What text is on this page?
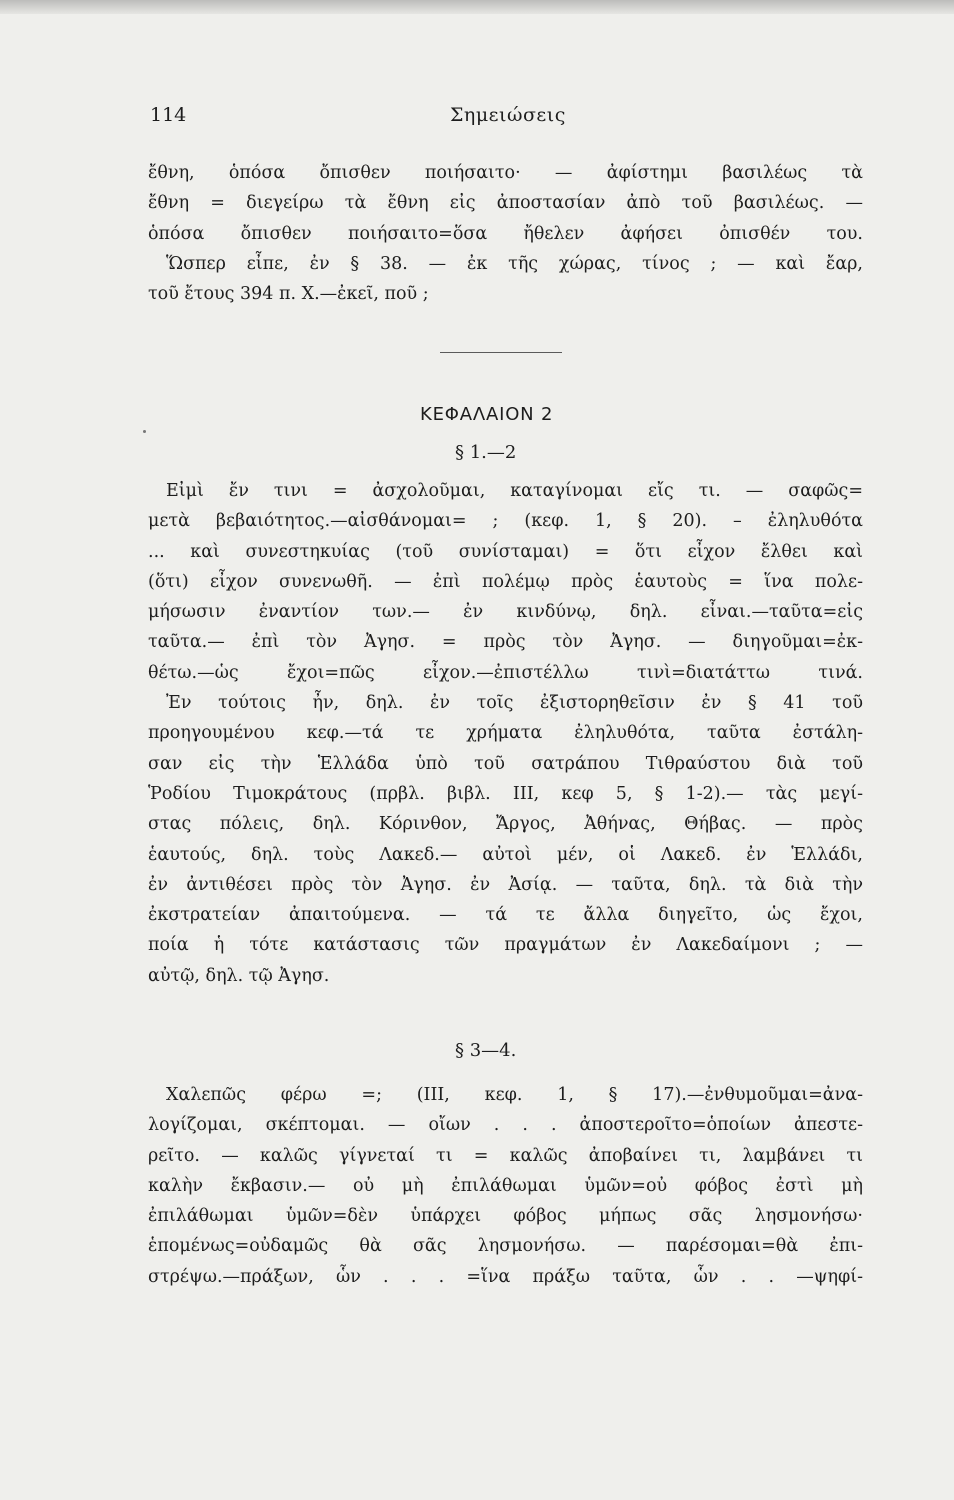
114	Σημειώσεις
ἔθνη, ὁπόσα ὄπισθεν ποιήσαιτο· — ἀφίστημι βασιλέως τὰ
ἔθνη = διεγείρω τὰ ἔθνη εἰς ἀποστασίαν ἀπὸ τοῦ βασιλέως. —
ὁπόσα ὄπισθεν ποιήσαιτο=ὅσα ἤθελεν ἀφήσει ὀπισθέν του.
Ὥσπερ εἶπε, ἐν § 38. — ἐκ τῆς χώρας, τίνος ; — καὶ ἔαρ,
τοῦ ἔτους 394 π. Χ.—ἐκεῖ, ποῦ ;
ΚΕΦΑΛΑΙΟΝ 2
§ 1.—2
Εἰμὶ ἔν τινι = ἀσχολοῦμαι, καταγίνομαι εἴς τι. — σαφῶς=
μετὰ βεβαιότητος.—αἰσθάνομαι= ; (κεφ. 1, § 20). – ἐληλυθότα
... καὶ συνεστηκυίας (τοῦ συνίσταμαι) = ὅτι εἶχον ἔλθει καὶ
(ὅτι) εἶχον συνενωθῆ. — ἐπὶ πολέμῳ πρὸς ἑαυτοὺς = ἵνα πολε-
μήσωσιν ἐναντίον των.— ἐν κινδύνῳ, δηλ. εἶναι.—ταῦτα=εἰς
ταῦτα.— ἐπὶ τὸν Ἀγησ. = πρὸς τὸν Ἀγησ. — διηγοῦμαι=ἐκ-
θέτω.—ὡς ἔχοι=πῶς εἶχον.—ἐπιστέλλω τινὶ=διατάττω τινά.
Ἐν τούτοις ἦν, δηλ. ἐν τοῖς ἐξιστορηθεῖσιν ἐν § 41 τοῦ
προηγουμένου κεφ.—τά τε χρήματα ἐληλυθότα, ταῦτα ἐστάλη-
σαν εἰς τὴν Ἑλλάδα ὑπὸ τοῦ σατράπου Τιθραύστου διὰ τοῦ
Ῥοδίου Τιμοκράτους (πρβλ. βιβλ. III, κεφ 5, § 1-2).— τὰς μεγί-
στας πόλεις, δηλ. Κόρινθον, Ἄργος, Ἀθήνας, Θήβας. — πρὸς
ἑαυτούς, δηλ. τοὺς Λακεδ.— αὐτοὶ μέν, οἱ Λακεδ. ἐν Ἑλλάδι,
ἐν ἀντιθέσει πρὸς τὸν Ἀγησ. ἐν Ἀσίᾳ. — ταῦτα, δηλ. τὰ διὰ τὴν
ἐκστρατείαν ἀπαιτούμενα. — τά τε ἄλλα διηγεῖτο, ὡς ἔχοι,
ποία ἡ τότε κατάστασις τῶν πραγμάτων ἐν Λακεδαίμονι ; —
αὐτῷ, δηλ. τῷ Ἀγησ.
§ 3—4.
Χαλεπῶς φέρω =; (III, κεφ. 1, § 17).—ἐνθυμοῦμαι=ἀνα-
λογίζομαι, σκέπτομαι. — οἴων . . . ἀποστεροῖτο=ὁποίων ἀπεστε-
ρεῖτο. — καλῶς γίγνεταί τι = καλῶς ἀποβαίνει τι, λαμβάνει τι
καλὴν ἔκβασιν.— οὐ μὴ ἐπιλάθωμαι ὑμῶν=οὐ φόβος ἐστὶ μὴ
ἐπιλάθωμαι ὑμῶν=δὲν ὑπάρχει φόβος μήπως σᾶς λησμονήσω·
ἑπομένως=οὐδαμῶς θὰ σᾶς λησμονήσω. — παρέσομαι=θὰ ἐπι-
στρέψω.—πράξων, ὧν . . . =ἵνα πράξω ταῦτα, ὧν . . —ψηφί-
